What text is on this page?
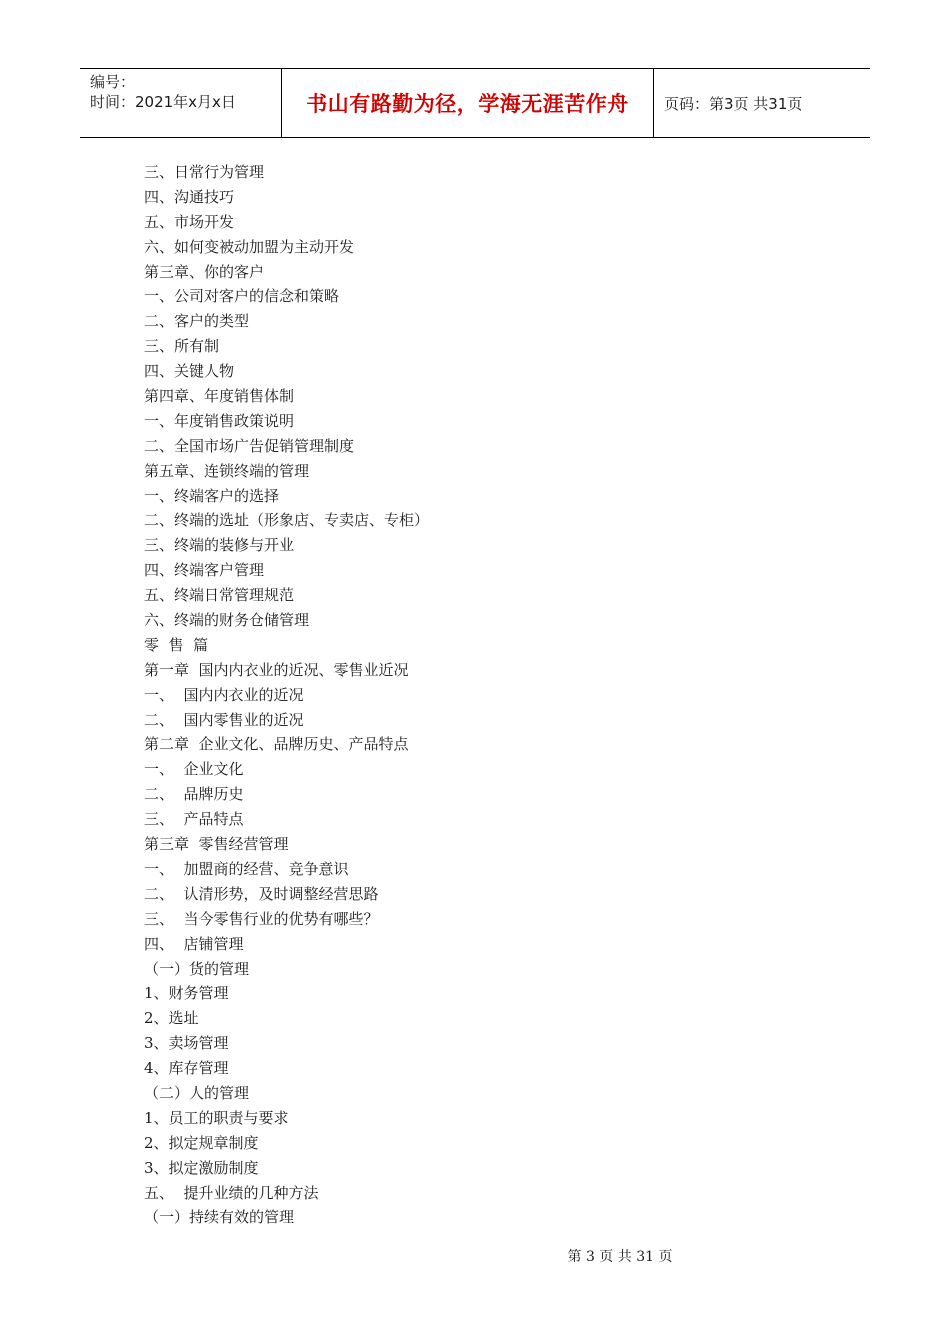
编号：
时间：2021年x月x日	书山有路勤为径，学海无涯苦作舟 页码：第3页 共31页
三、日常行为管理
四、沟通技巧
五、市场开发
六、如何变被动加盟为主动开发
第三章、你的客户
一、公司对客户的信念和策略
二、客户的类型
三、所有制
四、关键人物
第四章、年度销售体制
一、年度销售政策说明
二、全国市场广告促销管理制度
第五章、连锁终端的管理
一、终端客户的选择
二、终端的选址（形象店、专卖店、专柜）
三、终端的装修与开业
四、终端客户管理
五、终端日常管理规范
六、终端的财务仓储管理
零  售  篇
第一章  国内内衣业的近况、零售业近况
一、  国内内衣业的近况
二、  国内零售业的近况
第二章  企业文化、品牌历史、产品特点
一、  企业文化
二、  品牌历史
三、  产品特点
第三章  零售经营管理
一、  加盟商的经营、竞争意识
二、  认清形势，及时调整经营思路
三、  当今零售行业的优势有哪些？
四、  店铺管理
（一）货的管理
1、财务管理
2、选址
3、卖场管理
4、库存管理
（二）人的管理
1、员工的职责与要求
2、拟定规章制度
3、拟定激励制度
五、  提升业绩的几种方法
（一）持续有效的管理
第 3 页 共 31 页
